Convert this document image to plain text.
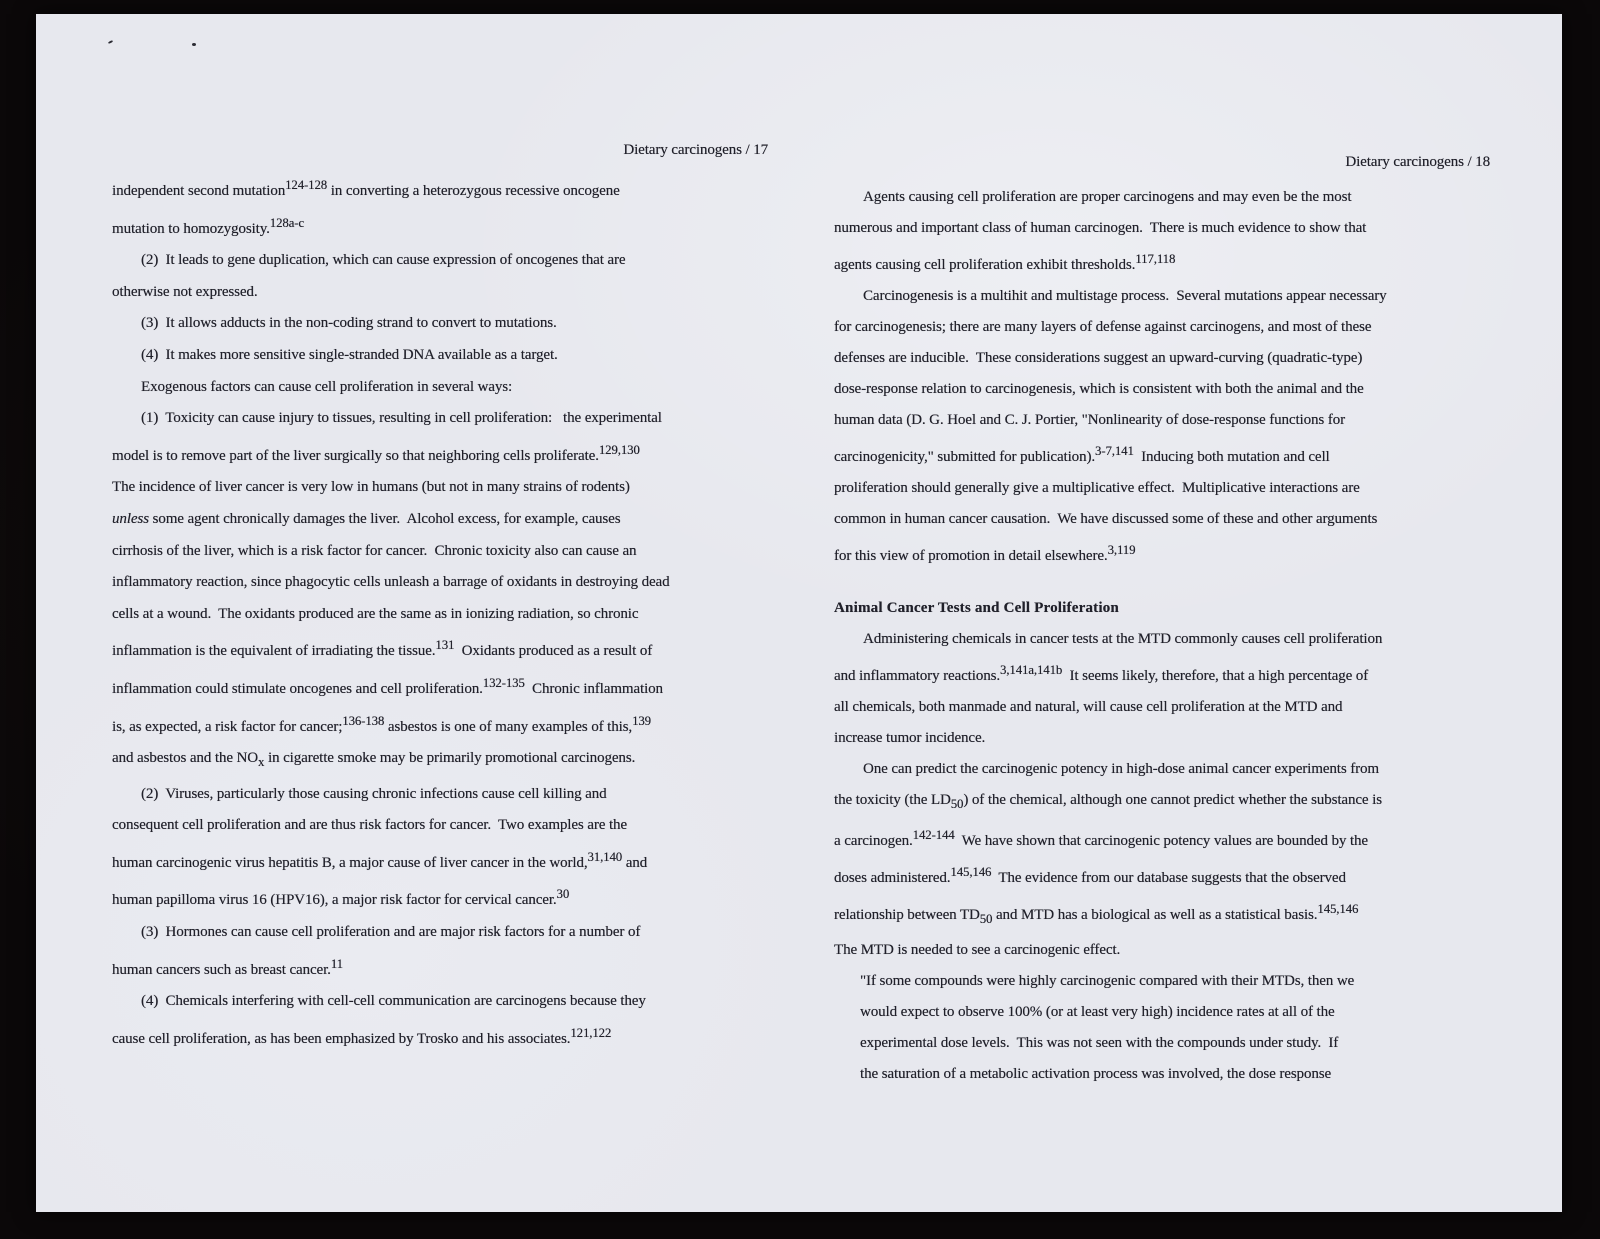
Dietary carcinogens / 17
independent second mutation124-128 in converting a heterozygous recessive oncogene
mutation to homozygosity.128a-c
(2)  It leads to gene duplication, which can cause expression of oncogenes that are
otherwise not expressed.
(3)  It allows adducts in the non-coding strand to convert to mutations.
(4)  It makes more sensitive single-stranded DNA available as a target.
Exogenous factors can cause cell proliferation in several ways:
(1)  Toxicity can cause injury to tissues, resulting in cell proliferation:   the experimental
model is to remove part of the liver surgically so that neighboring cells proliferate.129,130
The incidence of liver cancer is very low in humans (but not in many strains of rodents)
unless some agent chronically damages the liver.  Alcohol excess, for example, causes
cirrhosis of the liver, which is a risk factor for cancer.  Chronic toxicity also can cause an
inflammatory reaction, since phagocytic cells unleash a barrage of oxidants in destroying dead
cells at a wound.  The oxidants produced are the same as in ionizing radiation, so chronic
inflammation is the equivalent of irradiating the tissue.131  Oxidants produced as a result of
inflammation could stimulate oncogenes and cell proliferation.132-135  Chronic inflammation
is, as expected, a risk factor for cancer;136-138 asbestos is one of many examples of this,139
and asbestos and the NOx in cigarette smoke may be primarily promotional carcinogens.
(2)  Viruses, particularly those causing chronic infections cause cell killing and
consequent cell proliferation and are thus risk factors for cancer.  Two examples are the
human carcinogenic virus hepatitis B, a major cause of liver cancer in the world,31,140 and
human papilloma virus 16 (HPV16), a major risk factor for cervical cancer.30
(3)  Hormones can cause cell proliferation and are major risk factors for a number of
human cancers such as breast cancer.11
(4)  Chemicals interfering with cell-cell communication are carcinogens because they
cause cell proliferation, as has been emphasized by Trosko and his associates.121,122
Dietary carcinogens / 18
Agents causing cell proliferation are proper carcinogens and may even be the most
numerous and important class of human carcinogen.  There is much evidence to show that
agents causing cell proliferation exhibit thresholds.117,118
Carcinogenesis is a multihit and multistage process.  Several mutations appear necessary
for carcinogenesis; there are many layers of defense against carcinogens, and most of these
defenses are inducible.  These considerations suggest an upward-curving (quadratic-type)
dose-response relation to carcinogenesis, which is consistent with both the animal and the
human data (D. G. Hoel and C. J. Portier, "Nonlinearity of dose-response functions for
carcinogenicity," submitted for publication).3-7,141  Inducing both mutation and cell
proliferation should generally give a multiplicative effect.  Multiplicative interactions are
common in human cancer causation.  We have discussed some of these and other arguments
for this view of promotion in detail elsewhere.3,119
Animal Cancer Tests and Cell Proliferation
Administering chemicals in cancer tests at the MTD commonly causes cell proliferation
and inflammatory reactions.3,141a,141b  It seems likely, therefore, that a high percentage of
all chemicals, both manmade and natural, will cause cell proliferation at the MTD and
increase tumor incidence.
One can predict the carcinogenic potency in high-dose animal cancer experiments from
the toxicity (the LD50) of the chemical, although one cannot predict whether the substance is
a carcinogen.142-144  We have shown that carcinogenic potency values are bounded by the
doses administered.145,146  The evidence from our database suggests that the observed
relationship between TD50 and MTD has a biological as well as a statistical basis.145,146
The MTD is needed to see a carcinogenic effect.
"If some compounds were highly carcinogenic compared with their MTDs, then we
would expect to observe 100% (or at least very high) incidence rates at all of the
experimental dose levels.  This was not seen with the compounds under study.  If
the saturation of a metabolic activation process was involved, the dose response
